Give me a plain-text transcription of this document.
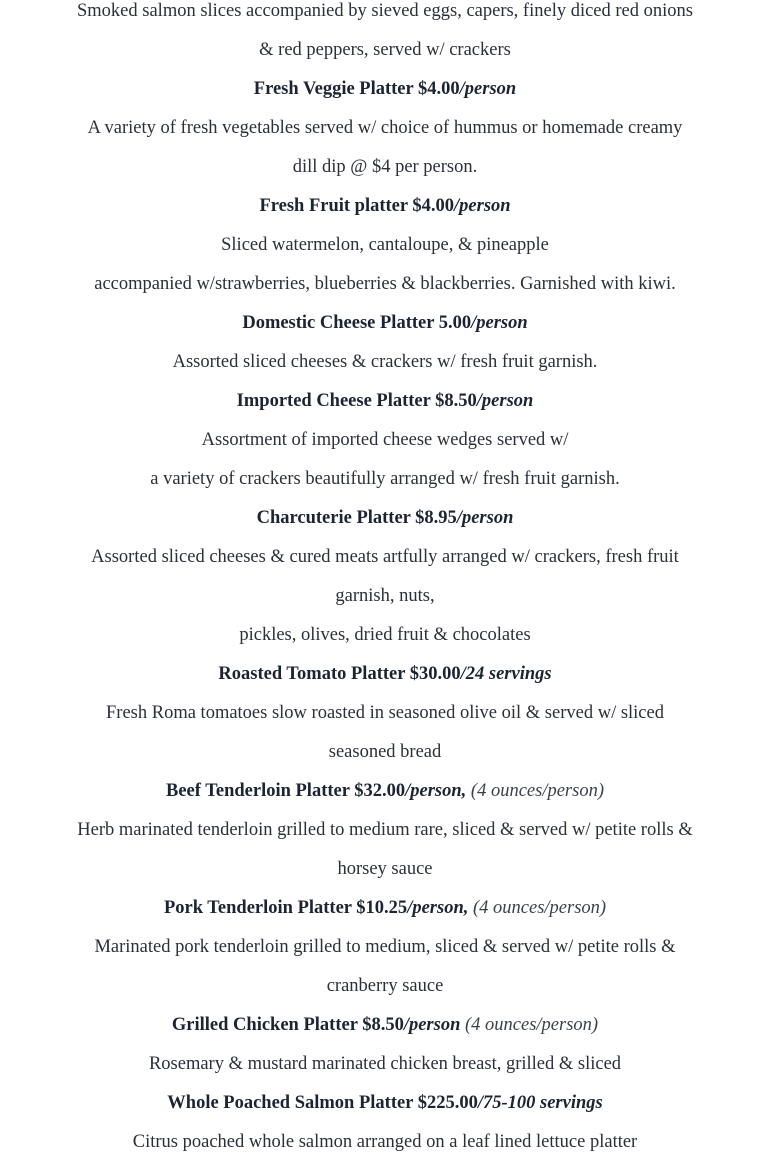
Smoked salmon slices accompanied by sieved eggs, capers, finely diced red onions

& red peppers, served w/ crackers

Fresh Veggie Platter $4.00/person

A variety of fresh vegetables served w/ choice of hummus or homemade creamy

dill dip @ $4 per person.

Fresh Fruit platter $4.00/person

Sliced watermelon, cantaloupe, & pineapple

accompanied w/strawberries, blueberries & blackberries. Garnished with kiwi.

Domestic Cheese Platter 5.00/person

Assorted sliced cheeses & crackers w/ fresh fruit garnish.

Imported Cheese Platter $8.50/person

Assortment of imported cheese wedges served w/

a variety of crackers beautifully arranged w/ fresh fruit garnish.

Charcuterie Platter $8.95/person

Assorted sliced cheeses & cured meats artfully arranged w/ crackers, fresh fruit

garnish, nuts,

pickles, olives, dried fruit & chocolates

Roasted Tomato Platter $30.00/24 servings

Fresh Roma tomatoes slow roasted in seasoned olive oil & served w/ sliced

seasoned bread

Beef Tenderloin Platter $32.00/person, (4 ounces/person)

Herb marinated tenderloin grilled to medium rare, sliced & served w/ petite rolls &

horsey sauce

Pork Tenderloin Platter $10.25/person, (4 ounces/person)

Marinated pork tenderloin grilled to medium, sliced & served w/ petite rolls &

cranberry sauce

Grilled Chicken Platter $8.50/person (4 ounces/person)

Rosemary & mustard marinated chicken breast, grilled & sliced

Whole Poached Salmon Platter $225.00/75-100 servings

Citrus poached whole salmon arranged on a leaf lined lettuce platter
